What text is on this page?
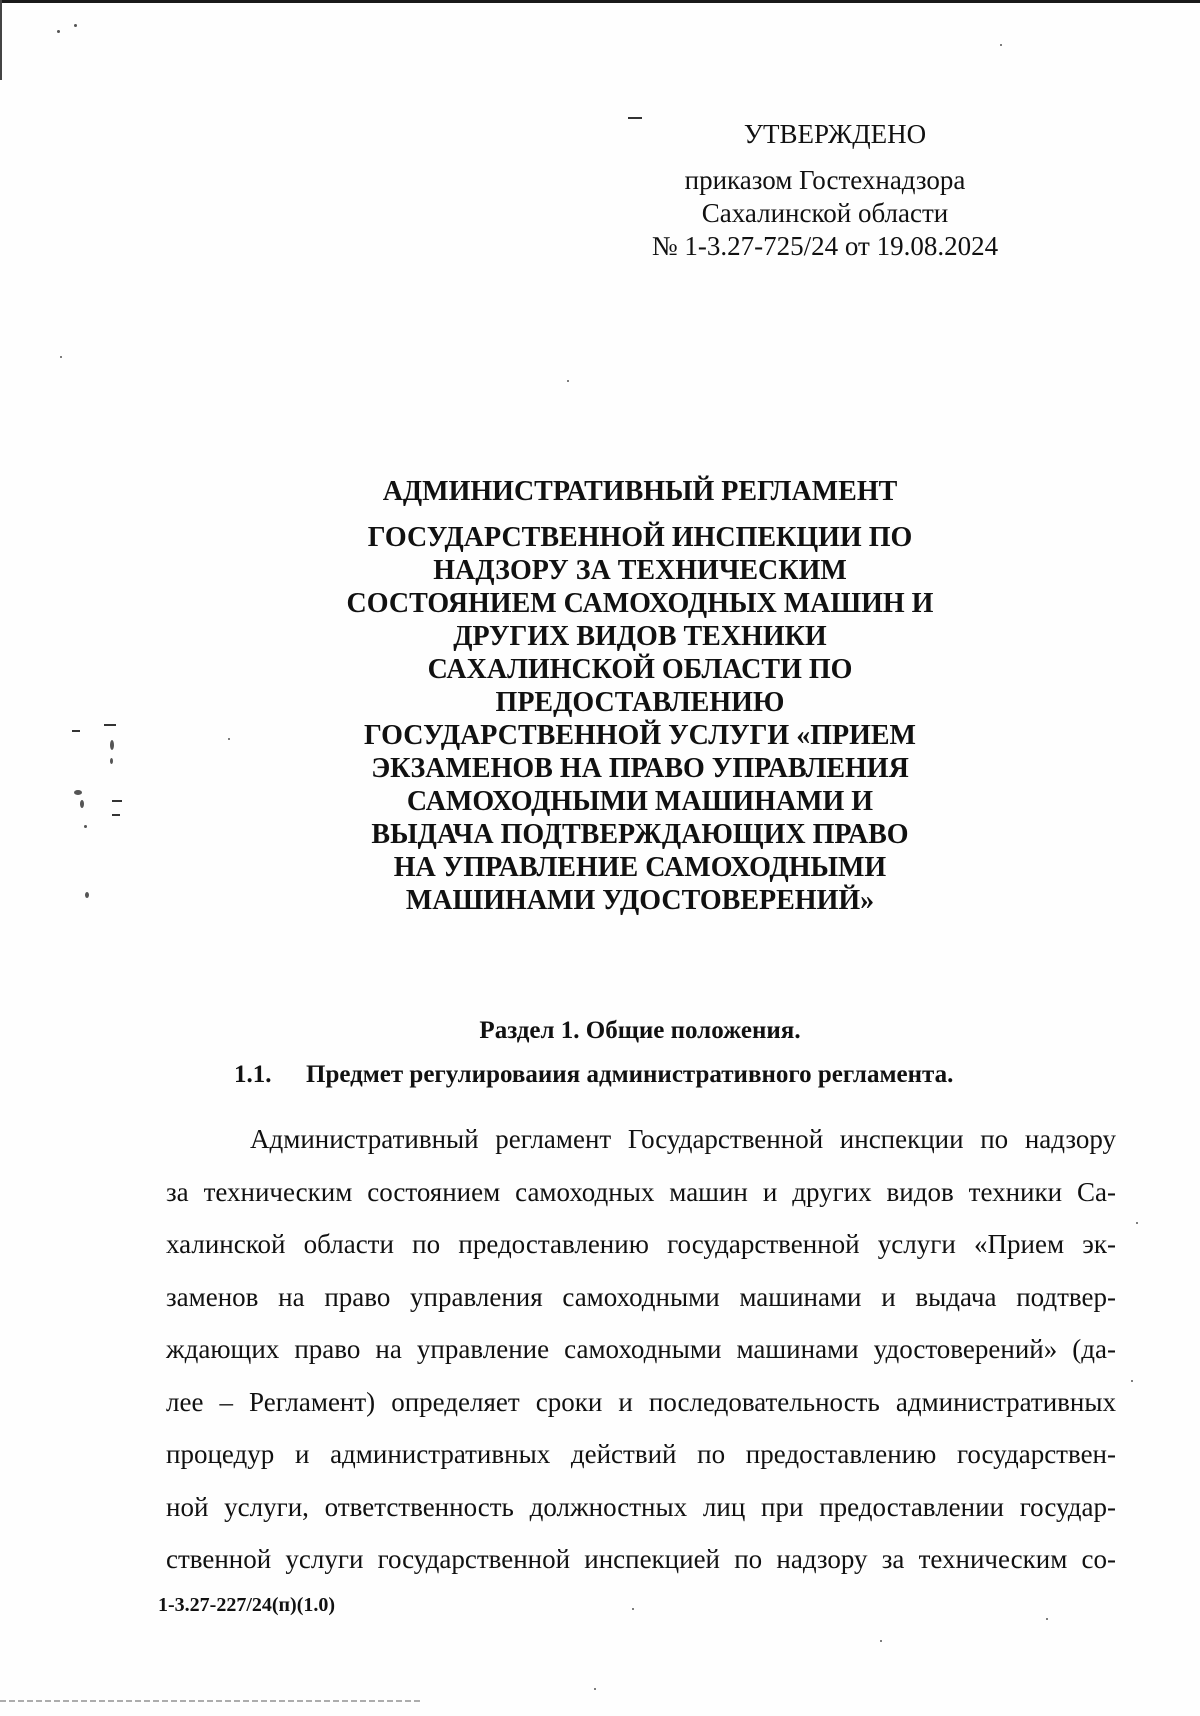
УТВЕРЖДЕНО
приказом Гостехнадзора
Сахалинской области
№ 1-3.27-725/24 от 19.08.2024
АДМИНИСТРАТИВНЫЙ РЕГЛАМЕНТ
ГОСУДАРСТВЕННОЙ ИНСПЕКЦИИ ПО
НАДЗОРУ ЗА ТЕХНИЧЕСКИМ
СОСТОЯНИЕМ САМОХОДНЫХ МАШИН И
ДРУГИХ ВИДОВ ТЕХНИКИ
САХАЛИНСКОЙ ОБЛАСТИ ПО
ПРЕДОСТАВЛЕНИЮ
ГОСУДАРСТВЕННОЙ УСЛУГИ «ПРИЕМ
ЭКЗАМЕНОВ НА ПРАВО УПРАВЛЕНИЯ
САМОХОДНЫМИ МАШИНАМИ И
ВЫДАЧА ПОДТВЕРЖДАЮЩИХ ПРАВО
НА УПРАВЛЕНИЕ САМОХОДНЫМИ
МАШИНАМИ УДОСТОВЕРЕНИЙ»
Раздел 1. Общие положения.
1.1. Предмет регулироваиия административного регламента.
Административный регламент Государственной инспекции по надзору
за техническим состоянием самоходных машин и других видов техники Са-
халинской области по предоставлению государственной услуги «Прием эк-
заменов на право управления самоходными машинами и выдача подтвер-
ждающих право на управление самоходными машинами удостоверений» (да-
лее – Регламент) определяет сроки и последовательность административных
процедур и административных действий по предоставлению государствен-
ной услуги, ответственность должностных лиц при предоставлении государ-
ственной услуги государственной инспекцией по надзору за техническим со-
1-3.27-227/24(п)(1.0)
